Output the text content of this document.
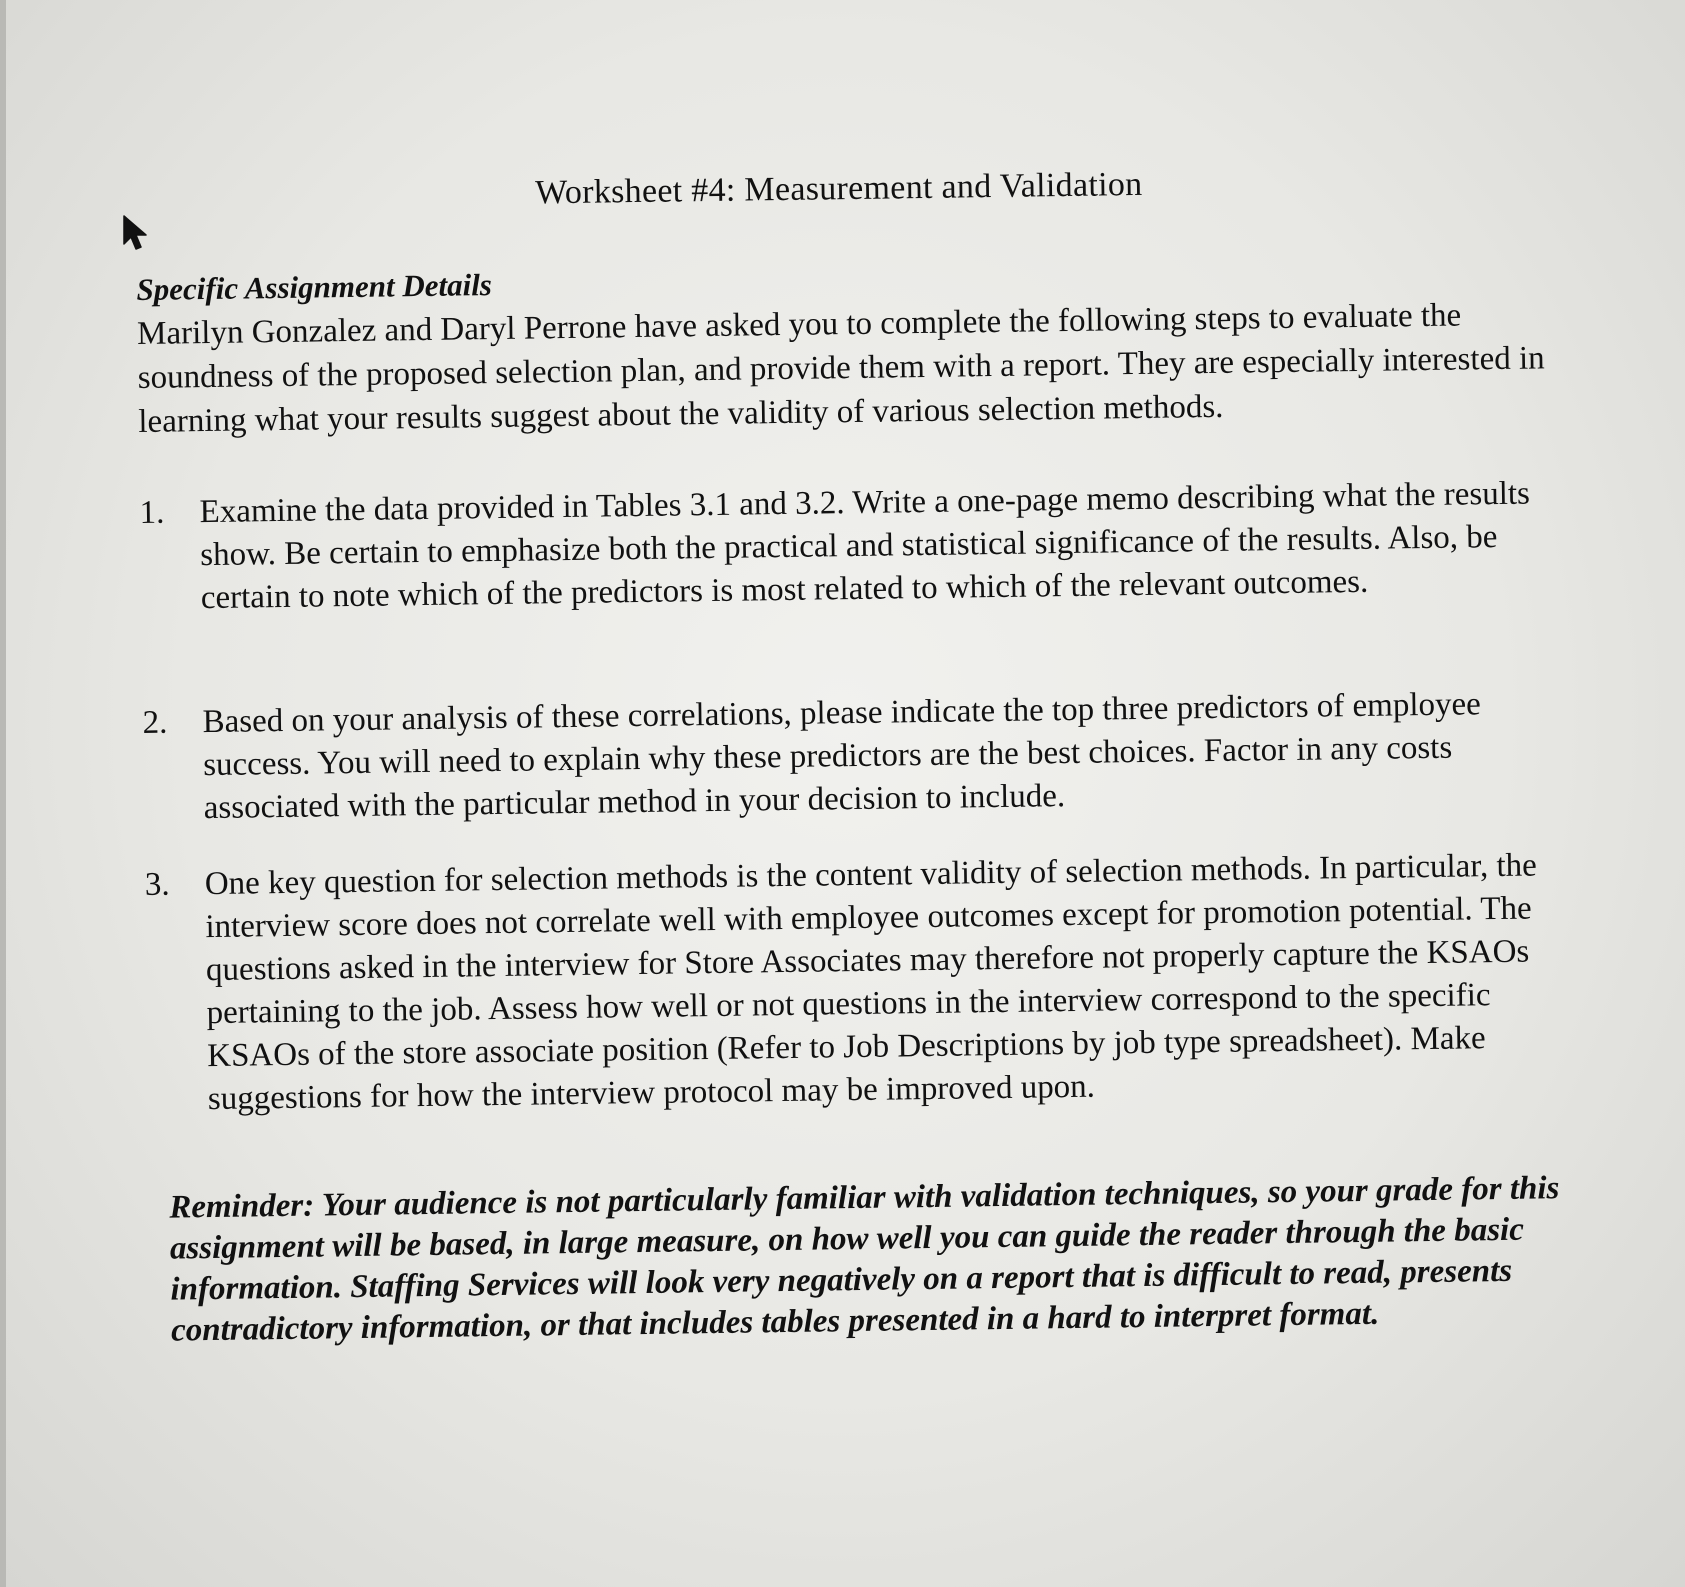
Worksheet #4: Measurement and Validation
Specific Assignment Details
Marilyn Gonzalez and Daryl Perrone have asked you to complete the following steps to evaluate the soundness of the proposed selection plan, and provide them with a report. They are especially interested in learning what your results suggest about the validity of various selection methods.
1. Examine the data provided in Tables 3.1 and 3.2. Write a one-page memo describing what the results show. Be certain to emphasize both the practical and statistical significance of the results. Also, be certain to note which of the predictors is most related to which of the relevant outcomes.
2. Based on your analysis of these correlations, please indicate the top three predictors of employee success. You will need to explain why these predictors are the best choices. Factor in any costs associated with the particular method in your decision to include.
3. One key question for selection methods is the content validity of selection methods. In particular, the interview score does not correlate well with employee outcomes except for promotion potential. The questions asked in the interview for Store Associates may therefore not properly capture the KSAOs pertaining to the job. Assess how well or not questions in the interview correspond to the specific KSAOs of the store associate position (Refer to Job Descriptions by job type spreadsheet). Make suggestions for how the interview protocol may be improved upon.
Reminder: Your audience is not particularly familiar with validation techniques, so your grade for this assignment will be based, in large measure, on how well you can guide the reader through the basic information. Staffing Services will look very negatively on a report that is difficult to read, presents contradictory information, or that includes tables presented in a hard to interpret format.
